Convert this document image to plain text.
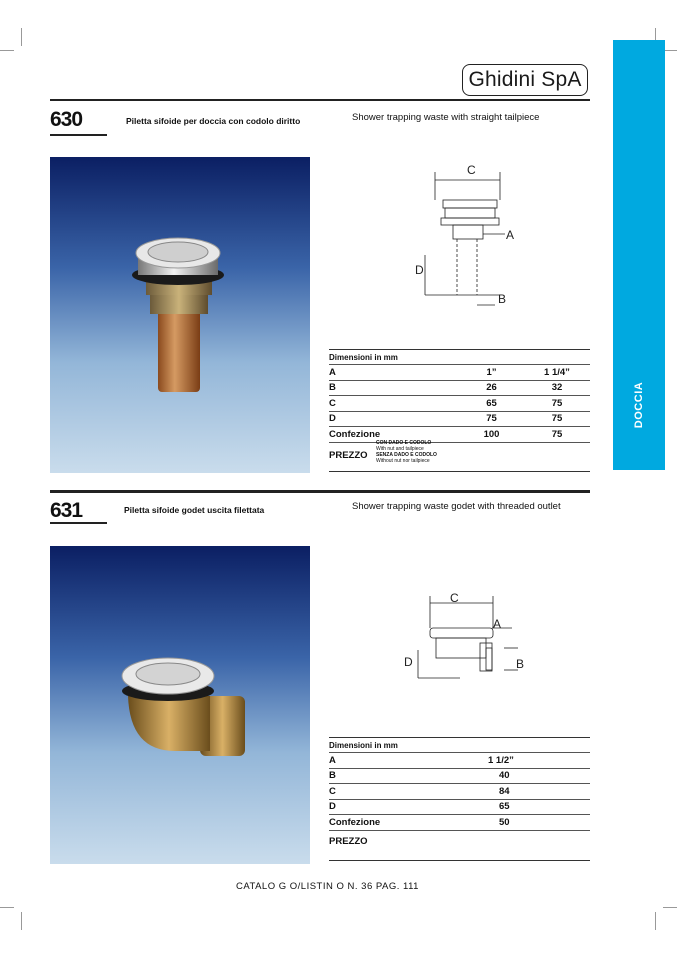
Ghidini SpA
DOCCIA
630	Piletta sifoide per doccia con codolo diritto	Shower trapping waste with straight tailpiece
C
A
D
B
Dimensioni in mm		
A	1”	1 1/4”
B	26	32
C	65	75
D	75	75
Confezione	100	75
PREZZO
CON DADO E CODOLO
With nut and tailpiece
SENZA DADO E CODOLO
Without nut nor tailpiece
631	Piletta sifoide godet uscita filettata	Shower trapping waste godet with threaded outlet
C
A
D	B
Dimensioni in mm	
A	1 1/2”
B	40
C	84
D	65
Confezione	50
PREZZO
CATALO G O/LISTIN O N. 36 PAG. 111
